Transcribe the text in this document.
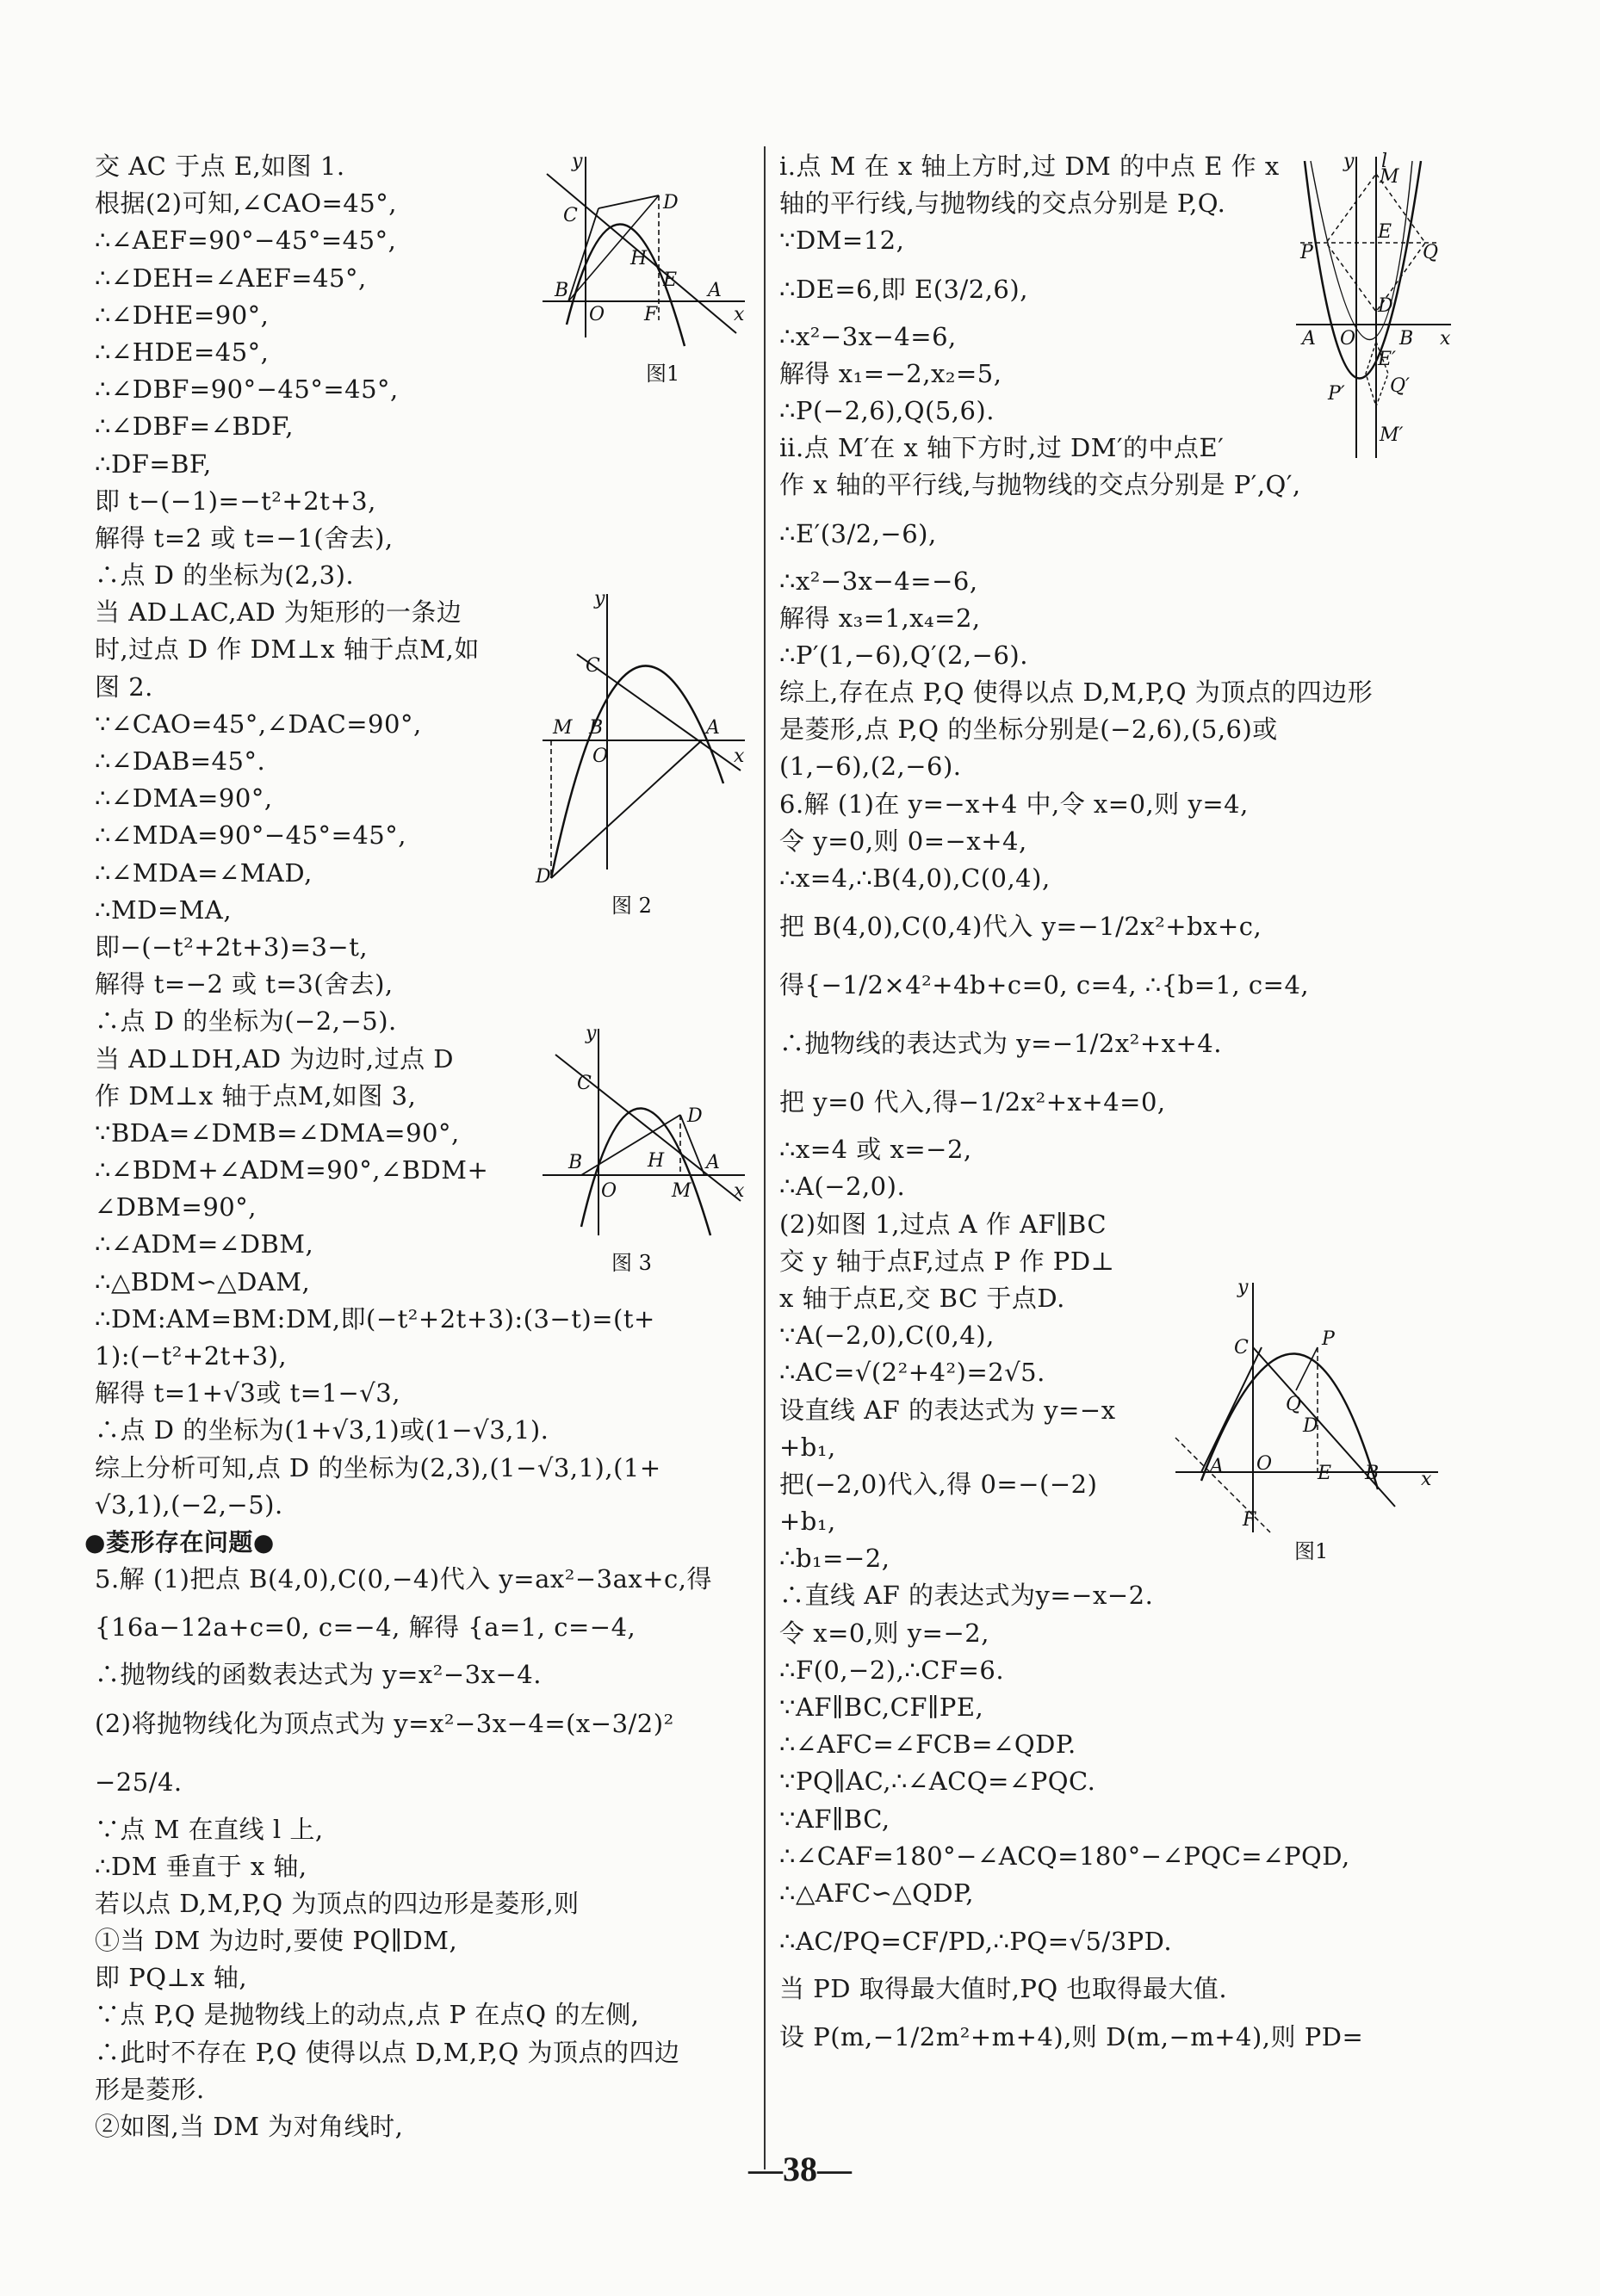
交 AC 于点 E,如图 1.
根据(2)可知,∠CAO=45°,
∴∠AEF=90°−45°=45°,
∴∠DEH=∠AEF=45°,
∴∠DHE=90°,
∴∠HDE=45°,
∴∠DBF=90°−45°=45°,
∴∠DBF=∠BDF,
∴DF=BF,
即 t−(−1)=−t²+2t+3,
解得 t=2 或 t=−1(舍去),
∴点 D 的坐标为(2,3).
当 AD⊥AC,AD 为矩形的一条边
时,过点 D 作 DM⊥x 轴于点M,如
图 2.
∵∠CAO=45°,∠DAC=90°,
∴∠DAB=45°.
∴∠DMA=90°,
∴∠MDA=90°−45°=45°,
∴∠MDA=∠MAD,
∴MD=MA,
即−(−t²+2t+3)=3−t,
解得 t=−2 或 t=3(舍去),
∴点 D 的坐标为(−2,−5).
当 AD⊥DH,AD 为边时,过点 D
作 DM⊥x 轴于点M,如图 3,
∵BDA=∠DMB=∠DMA=90°,
∴∠BDM+∠ADM=90°,∠BDM+
∠DBM=90°,
∴∠ADM=∠DBM,
∴△BDM∽△DAM,
∴DM:AM=BM:DM,即(−t²+2t+3):(3−t)=(t+
1):(−t²+2t+3),
解得 t=1+√3或 t=1−√3,
∴点 D 的坐标为(1+√3,1)或(1−√3,1).
综上分析可知,点 D 的坐标为(2,3),(1−√3,1),(1+
√3,1),(−2,−5).
●菱形存在问题●
5.解 (1)把点 B(4,0),C(0,−4)代入 y=ax²−3ax+c,得
{16a−12a+c=0, c=−4, 解得 {a=1, c=−4,
∴抛物线的函数表达式为 y=x²−3x−4.
(2)将抛物线化为顶点式为 y=x²−3x−4=(x−3/2)²
−25/4.
∵点 M 在直线 l 上,
∴DM 垂直于 x 轴,
若以点 D,M,P,Q 为顶点的四边形是菱形,则
①当 DM 为边时,要使 PQ∥DM,
即 PQ⊥x 轴,
∵点 P,Q 是抛物线上的动点,点 P 在点Q 的左侧,
∴此时不存在 P,Q 使得以点 D,M,P,Q 为顶点的四边
形是菱形.
②如图,当 DM 为对角线时,
ⅰ.点 M 在 x 轴上方时,过 DM 的中点 E 作 x
轴的平行线,与抛物线的交点分别是 P,Q.
∵DM=12,
∴DE=6,即 E(3/2,6),
∴x²−3x−4=6,
解得 x₁=−2,x₂=5,
∴P(−2,6),Q(5,6).
ⅱ.点 M′在 x 轴下方时,过 DM′的中点E′
作 x 轴的平行线,与抛物线的交点分别是 P′,Q′,
∴E′(3/2,−6),
∴x²−3x−4=−6,
解得 x₃=1,x₄=2,
∴P′(1,−6),Q′(2,−6).
综上,存在点 P,Q 使得以点 D,M,P,Q 为顶点的四边形
是菱形,点 P,Q 的坐标分别是(−2,6),(5,6)或
(1,−6),(2,−6).
6.解 (1)在 y=−x+4 中,令 x=0,则 y=4,
令 y=0,则 0=−x+4,
∴x=4,∴B(4,0),C(0,4),
把 B(4,0),C(0,4)代入 y=−1/2x²+bx+c,
得{−1/2×4²+4b+c=0, c=4, ∴{b=1, c=4,
∴抛物线的表达式为 y=−1/2x²+x+4.
把 y=0 代入,得−1/2x²+x+4=0,
∴x=4 或 x=−2,
∴A(−2,0).
(2)如图 1,过点 A 作 AF∥BC
交 y 轴于点F,过点 P 作 PD⊥
x 轴于点E,交 BC 于点D.
∵A(−2,0),C(0,4),
∴AC=√(2²+4²)=2√5.
设直线 AF 的表达式为 y=−x
+b₁,
把(−2,0)代入,得 0=−(−2)
+b₁,
∴b₁=−2,
∴直线 AF 的表达式为y=−x−2.
令 x=0,则 y=−2,
∴F(0,−2),∴CF=6.
∵AF∥BC,CF∥PE,
∴∠AFC=∠FCB=∠QDP.
∵PQ∥AC,∴∠ACQ=∠PQC.
∵AF∥BC,
∴∠CAF=180°−∠ACQ=180°−∠PQC=∠PQD,
∴△AFC∽△QDP,
∴AC/PQ=CF/PD,∴PQ=√5/3PD.
当 PD 取得最大值时,PQ 也取得最大值.
设 P(m,−1/2m²+m+4),则 D(m,−m+4),则 PD=
y
C
D
H
E
B
O F
A
x
图1
y
C
M B
O
A
x
D
图 2
y
C
D
H
B
O	M
A
x
图 3
y l
M
P
E
Q
A O
D
B x
P′
E′
Q′
M′
y
P
C
Q
D
A O E B x
F
图1
—38—
